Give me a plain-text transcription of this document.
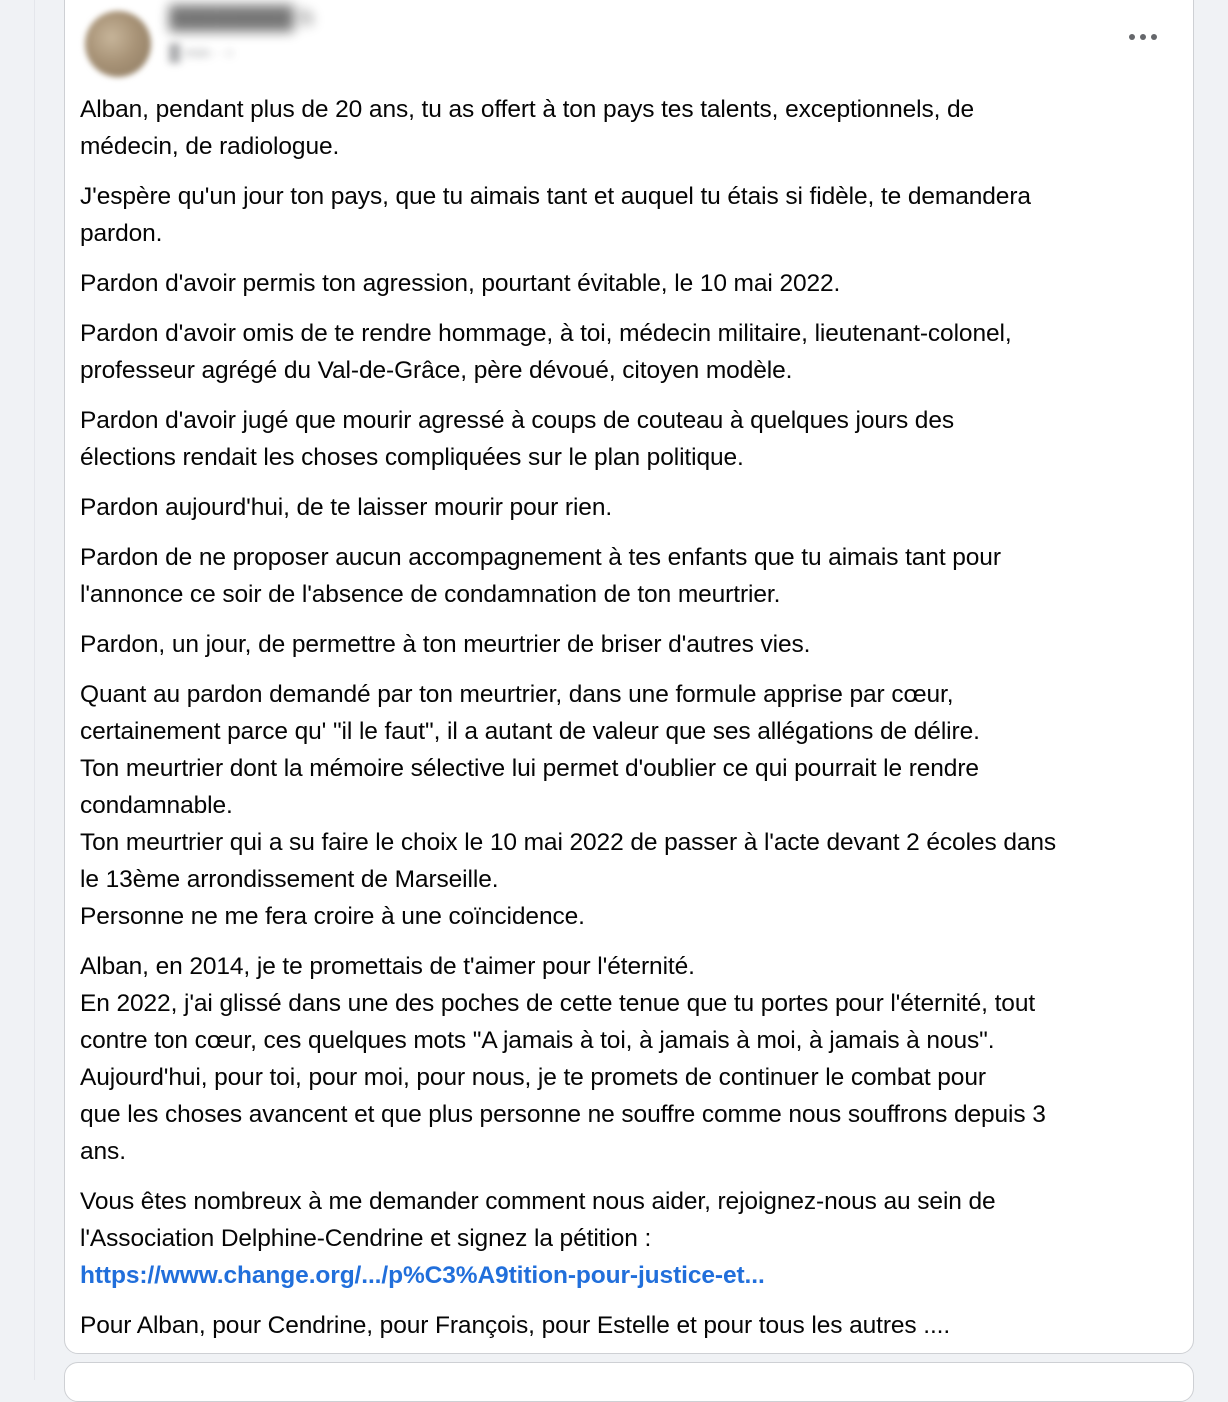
████████ h
█ min · ○
Alban, pendant plus de 20 ans, tu as offert à ton pays tes talents, exceptionnels, de
médecin, de radiologue.
J'espère qu'un jour ton pays, que tu aimais tant et auquel tu étais si fidèle, te demandera
pardon.
Pardon d'avoir permis ton agression, pourtant évitable, le 10 mai 2022.
Pardon d'avoir omis de te rendre hommage, à toi, médecin militaire, lieutenant-colonel,
professeur agrégé du Val-de-Grâce, père dévoué, citoyen modèle.
Pardon d'avoir jugé que mourir agressé à coups de couteau à quelques jours des
élections rendait les choses compliquées sur le plan politique.
Pardon aujourd'hui, de te laisser mourir pour rien.
Pardon de ne proposer aucun accompagnement à tes enfants que tu aimais tant pour
l'annonce ce soir de l'absence de condamnation de ton meurtrier.
Pardon, un jour, de permettre à ton meurtrier de briser d'autres vies.
Quant au pardon demandé par ton meurtrier, dans une formule apprise par cœur,
certainement parce qu' "il le faut", il a autant de valeur que ses allégations de délire.
Ton meurtrier dont la mémoire sélective lui permet d'oublier ce qui pourrait le rendre
condamnable.
Ton meurtrier qui a su faire le choix le 10 mai 2022 de passer à l'acte devant 2 écoles dans
le 13ème arrondissement de Marseille.
Personne ne me fera croire à une coïncidence.
Alban, en 2014, je te promettais de t'aimer pour l'éternité.
En 2022, j'ai glissé dans une des poches de cette tenue que tu portes pour l'éternité, tout
contre ton cœur, ces quelques mots "A jamais à toi, à jamais à moi, à jamais à nous".
Aujourd'hui, pour toi, pour moi, pour nous, je te promets de continuer le combat pour
que les choses avancent et que plus personne ne souffre comme nous souffrons depuis 3
ans.
Vous êtes nombreux à me demander comment nous aider, rejoignez-nous au sein de
l'Association Delphine-Cendrine et signez la pétition :
https://www.change.org/.../p%C3%A9tition-pour-justice-et...
Pour Alban, pour Cendrine, pour François, pour Estelle et pour tous les autres ....
